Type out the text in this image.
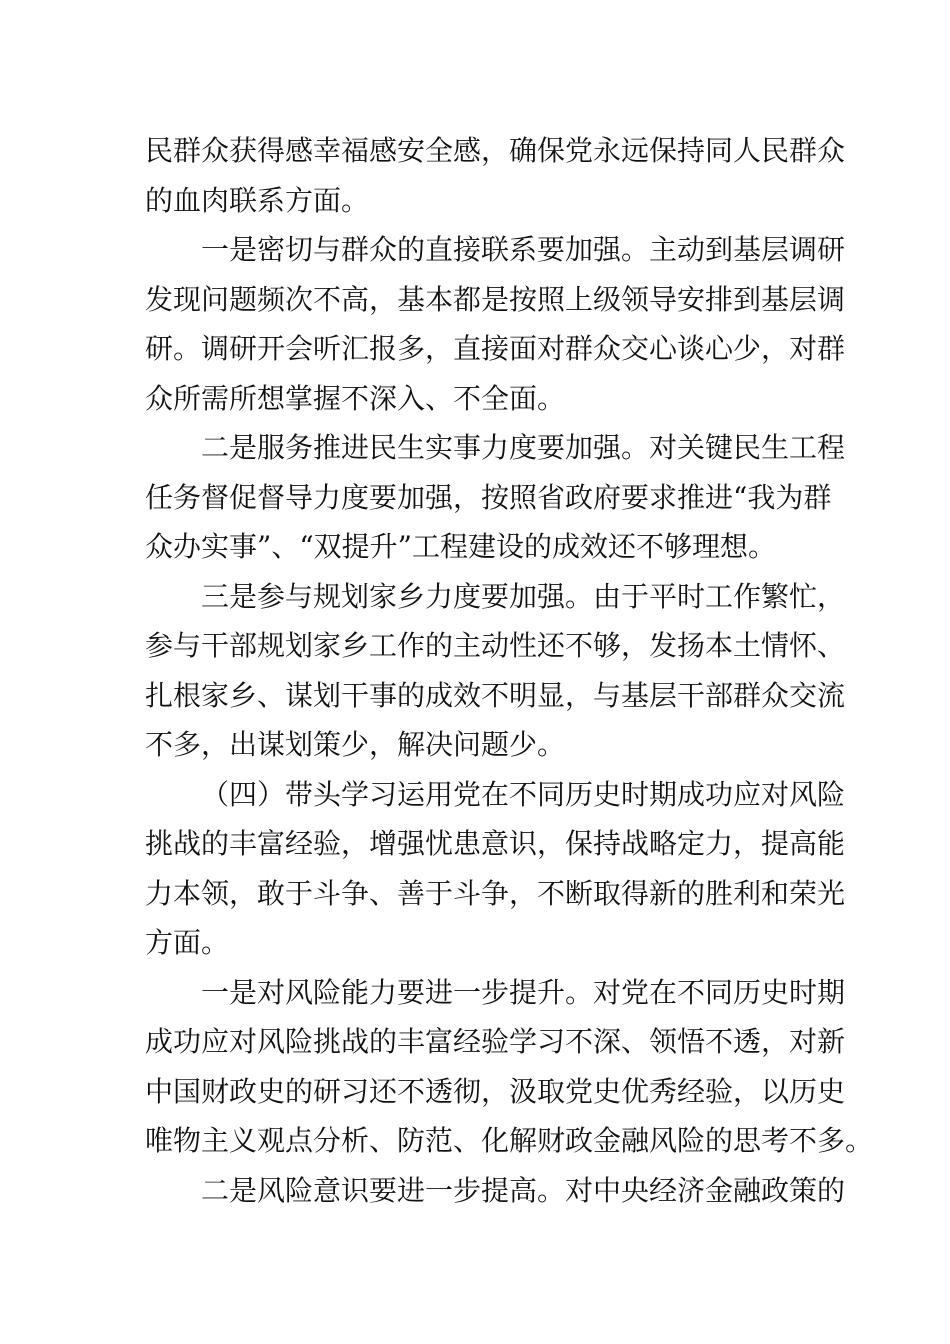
民群众获得感幸福感安全感，确保党永远保持同人民群众
的血肉联系方面。

一是密切与群众的直接联系要加强。主动到基层调研
发现问题频次不高，基本都是按照上级领导安排到基层调
研。调研开会听汇报多，直接面对群众交心谈心少，对群
众所需所想掌握不深入、不全面。

二是服务推进民生实事力度要加强。对关键民生工程
任务督促督导力度要加强，按照省政府要求推进“我为群
众办实事”、“双提升”工程建设的成效还不够理想。

三是参与规划家乡力度要加强。由于平时工作繁忙，
参与干部规划家乡工作的主动性还不够，发扬本土情怀、
扎根家乡、谋划干事的成效不明显，与基层干部群众交流
不多，出谋划策少，解决问题少。

（四）带头学习运用党在不同历史时期成功应对风险
挑战的丰富经验，增强忧患意识，保持战略定力，提高能
力本领，敢于斗争、善于斗争，不断取得新的胜利和荣光
方面。

一是对风险能力要进一步提升。对党在不同历史时期
成功应对风险挑战的丰富经验学习不深、领悟不透，对新
中国财政史的研习还不透彻，汲取党史优秀经验，以历史
唯物主义观点分析、防范、化解财政金融风险的思考不多。

二是风险意识要进一步提高。对中央经济金融政策的
